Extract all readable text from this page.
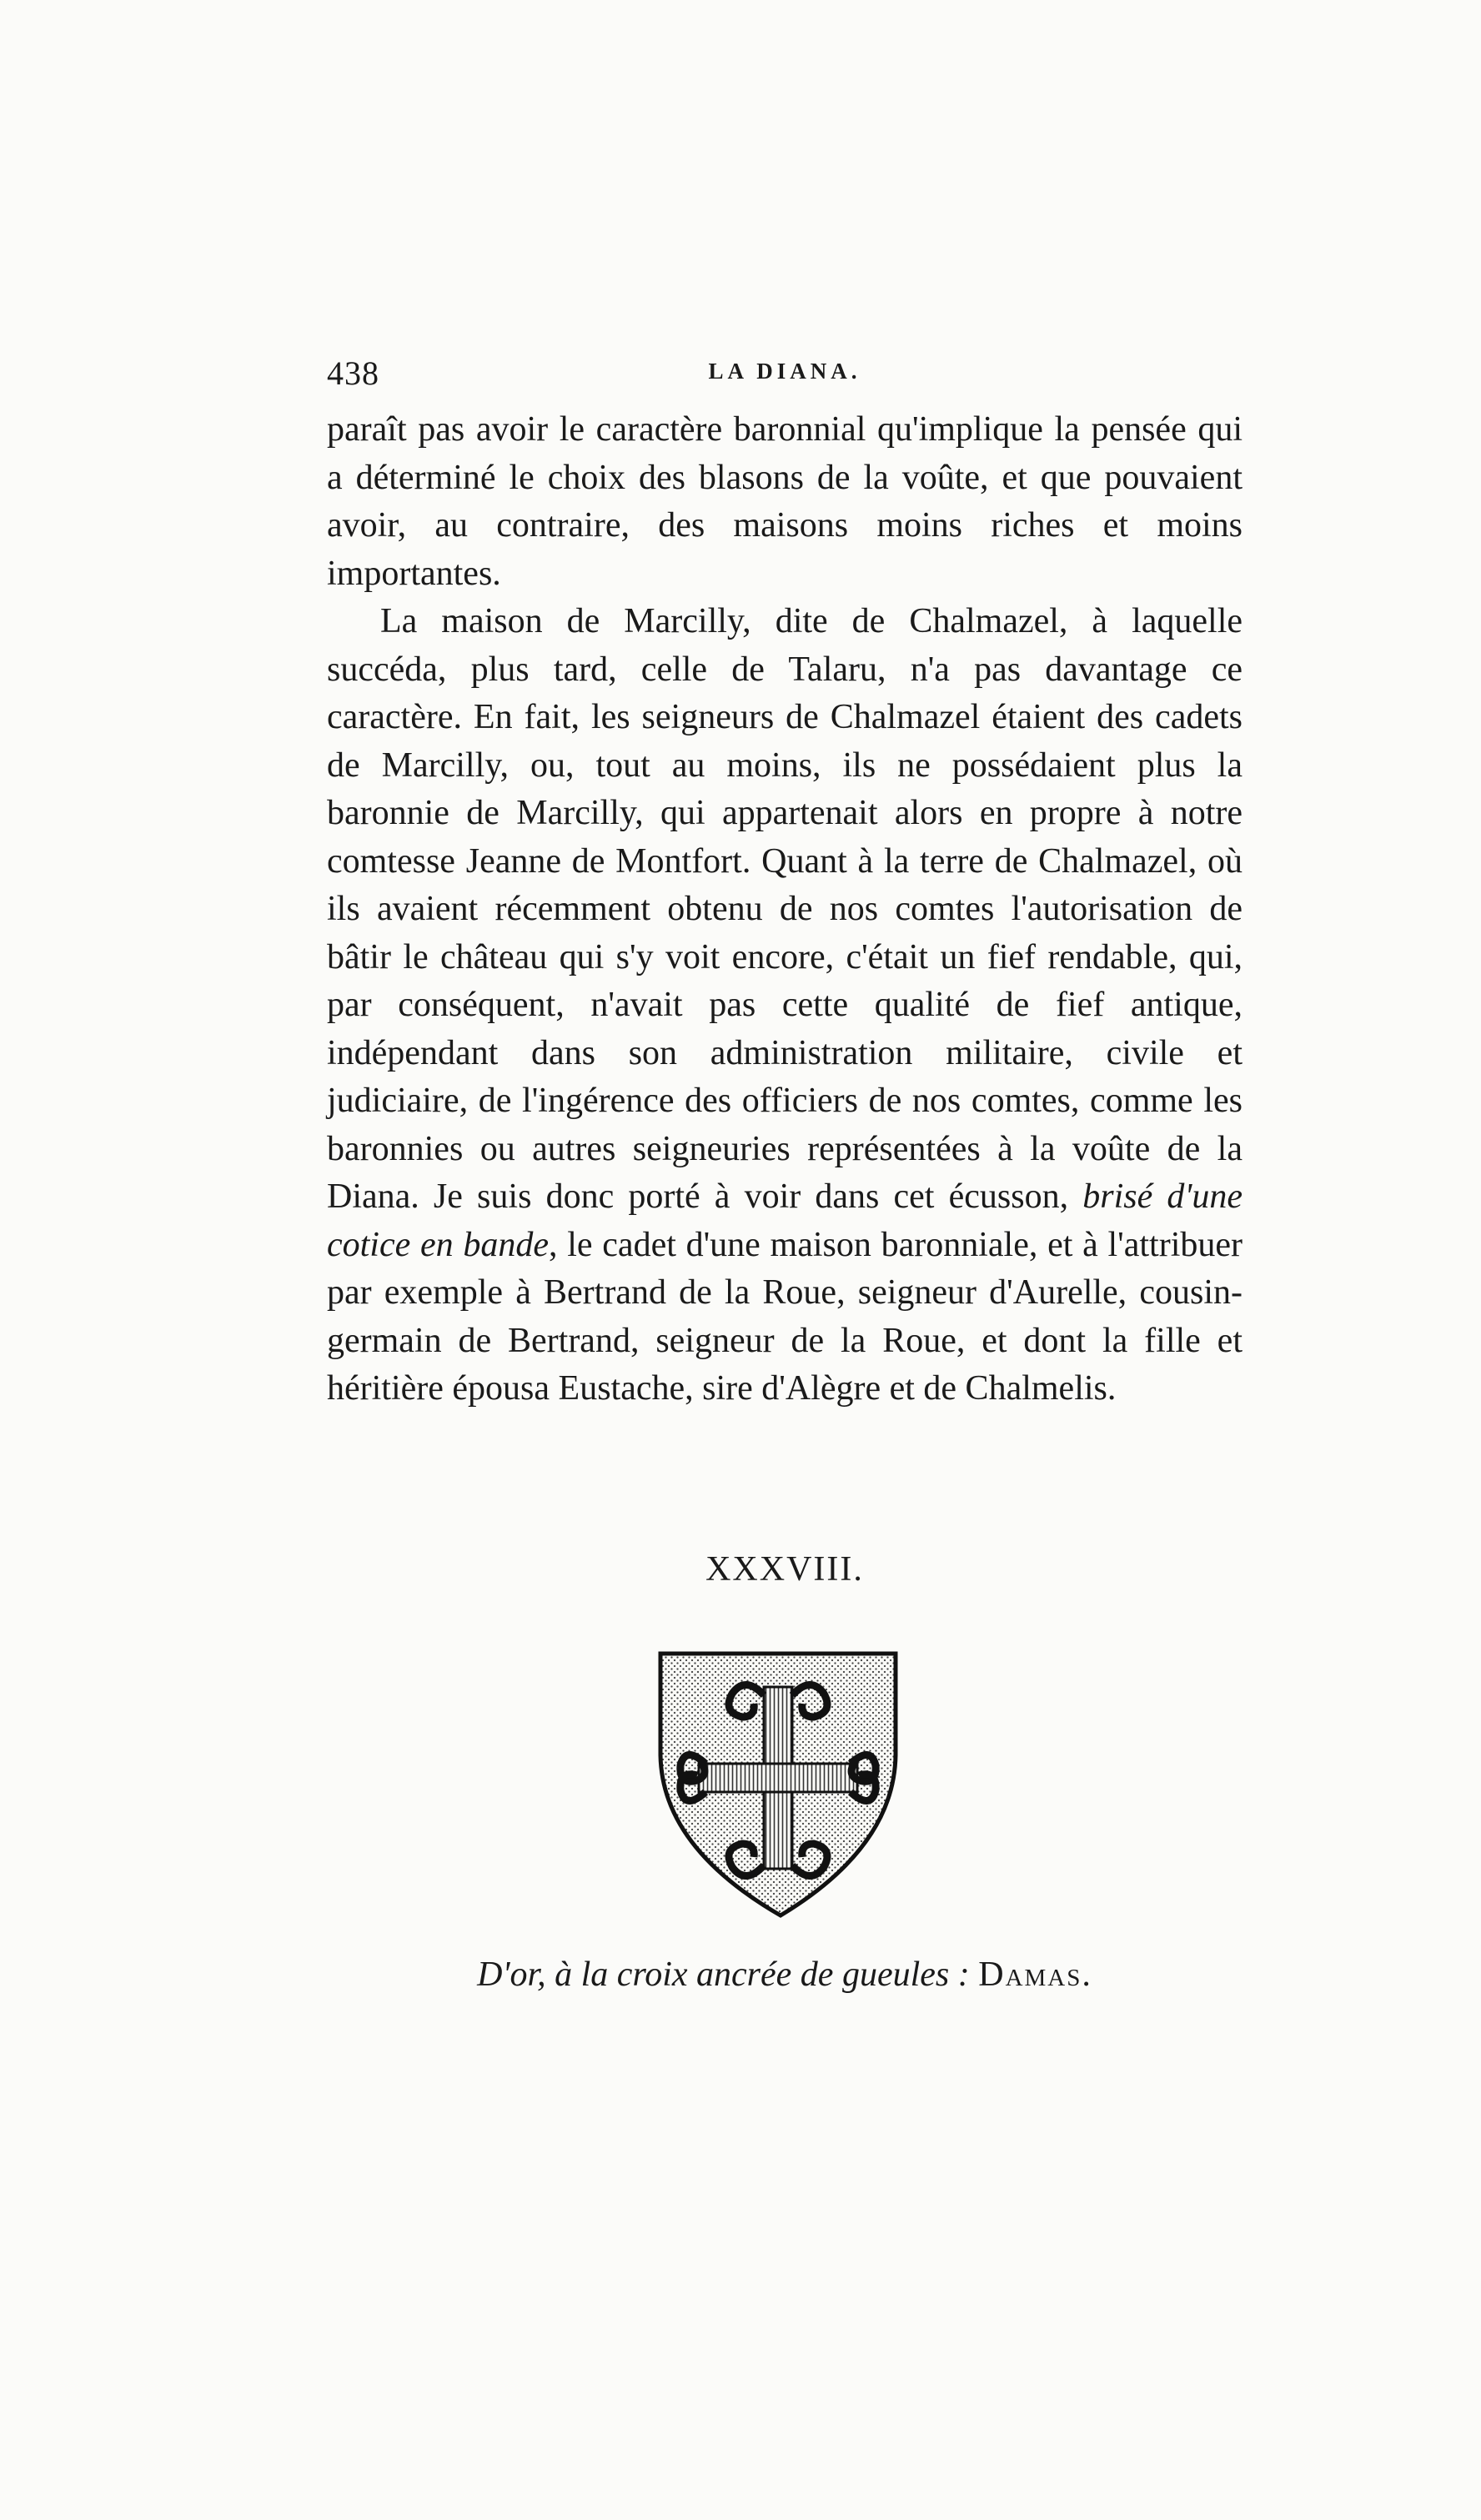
438	LA DIANA.

paraît pas avoir le caractère baronnial qu'implique la pensée qui a déterminé le choix des blasons de la voûte, et que pouvaient avoir, au contraire, des maisons moins riches et moins importantes.

La maison de Marcilly, dite de Chalmazel, à laquelle succéda, plus tard, celle de Talaru, n'a pas davantage ce caractère. En fait, les seigneurs de Chalmazel étaient des cadets de Marcilly, ou, tout au moins, ils ne possédaient plus la baronnie de Marcilly, qui appartenait alors en propre à notre comtesse Jeanne de Montfort. Quant à la terre de Chalmazel, où ils avaient récemment obtenu de nos comtes l'autorisation de bâtir le château qui s'y voit encore, c'était un fief rendable, qui, par conséquent, n'avait pas cette qualité de fief antique, indépendant dans son administration militaire, civile et judiciaire, de l'ingérence des officiers de nos comtes, comme les baronnies ou autres seigneuries représentées à la voûte de la Diana. Je suis donc porté à voir dans cet écusson, brisé d'une cotice en bande, le cadet d'une maison baronniale, et à l'attribuer par exemple à Bertrand de la Roue, seigneur d'Aurelle, cousin-germain de Bertrand, seigneur de la Roue, et dont la fille et héritière épousa Eustache, sire d'Alègre et de Chalmelis.

XXXVIII.
D'or, à la croix ancrée de gueules : Damas.
